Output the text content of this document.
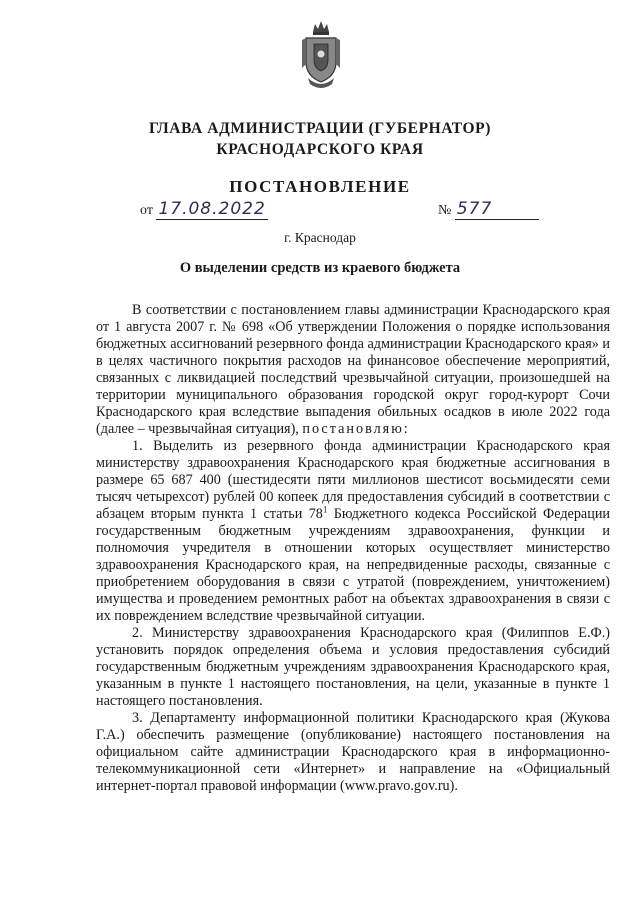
ГЛАВА АДМИНИСТРАЦИИ (ГУБЕРНАТОР)
КРАСНОДАРСКОГО КРАЯ
ПОСТАНОВЛЕНИЕ
от 17.08.2022	№ 577
г. Краснодар
О выделении средств из краевого бюджета

В соответствии с постановлением главы администрации Краснодарского края от 1 августа 2007 г. № 698 «Об утверждении Положения о порядке использования бюджетных ассигнований резервного фонда администрации Краснодарского края» и в целях частичного покрытия расходов на финансовое обеспечение мероприятий, связанных с ликвидацией последствий чрезвычайной ситуации, произошедшей на территории муниципального образования городской округ город-курорт Сочи Краснодарского края вследствие выпадения обильных осадков в июле 2022 года (далее – чрезвычайная ситуация), постановляю:

1. Выделить из резервного фонда администрации Краснодарского края министерству здравоохранения Краснодарского края бюджетные ассигнования в размере 65 687 400 (шестидесяти пяти миллионов шестисот восьмидесяти семи тысяч четырехсот) рублей 00 копеек для предоставления субсидий в соответствии с абзацем вторым пункта 1 статьи $78^1$ Бюджетного кодекса Российской Федерации государственным бюджетным учреждениям здравоохранения, функции и полномочия учредителя в отношении которых осуществляет министерство здравоохранения Краснодарского края, на непредвиденные расходы, связанные с приобретением оборудования в связи с утратой (повреждением, уничтожением) имущества и проведением ремонтных работ на объектах здравоохранения в связи с их повреждением вследствие чрезвычайной ситуации.

2. Министерству здравоохранения Краснодарского края (Филиппов Е.Ф.) установить порядок определения объема и условия предоставления субсидий государственным бюджетным учреждениям здравоохранения Краснодарского края, указанным в пункте 1 настоящего постановления, на цели, указанные в пункте 1 настоящего постановления.

3. Департаменту информационной политики Краснодарского края (Жукова Г.А.) обеспечить размещение (опубликование) настоящего постановления на официальном сайте администрации Краснодарского края в информационно-телекоммуникационной сети «Интернет» и направление на «Официальный интернет-портал правовой информации (www.pravo.gov.ru).
